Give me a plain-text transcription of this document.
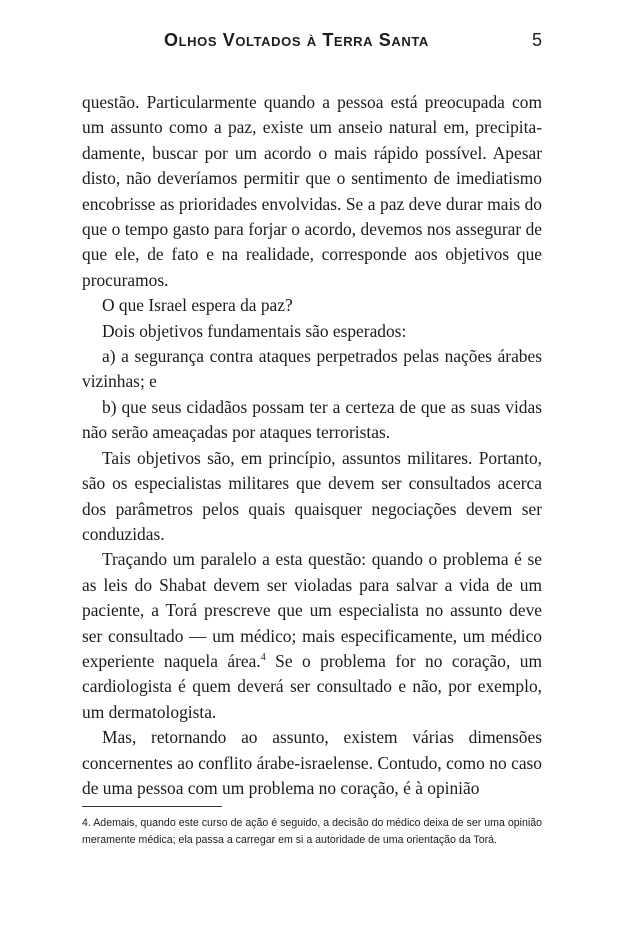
Olhos Voltados à Terra Santa	5

questão. Particularmente quando a pessoa está preocupada com um assunto como a paz, existe um anseio natural em, precipitadamente, buscar por um acordo o mais rápido possível. Apesar disto, não deveríamos permitir que o sentimento de imediatismo encobrisse as prioridades envolvidas. Se a paz deve durar mais do que o tempo gasto para forjar o acordo, devemos nos assegurar de que ele, de fato e na realidade, corresponde aos objetivos que procuramos.

O que Israel espera da paz?

Dois objetivos fundamentais são esperados:

a) a segurança contra ataques perpetrados pelas nações árabes vizinhas; e

b) que seus cidadãos possam ter a certeza de que as suas vidas não serão ameaçadas por ataques terroristas.

Tais objetivos são, em princípio, assuntos militares. Portanto, são os especialistas militares que devem ser consultados acerca dos parâmetros pelos quais quaisquer negociações devem ser conduzidas.

Traçando um paralelo a esta questão: quando o problema é se as leis do Shabat devem ser violadas para salvar a vida de um paciente, a Torá prescreve que um especialista no assunto deve ser consultado — um médico; mais especificamente, um médico experiente naquela área.$^4$ Se o problema for no coração, um cardiologista é quem deverá ser consultado e não, por exemplo, um dermatologista.

Mas, retornando ao assunto, existem várias dimensões concernentes ao conflito árabe-israelense. Contudo, como no caso de uma pessoa com um problema no coração, é à opinião

4. Ademais, quando este curso de ação é seguido, a decisão do médico deixa de ser uma opinião meramente médica; ela passa a carregar em si a autoridade de uma orientação da Torá.
